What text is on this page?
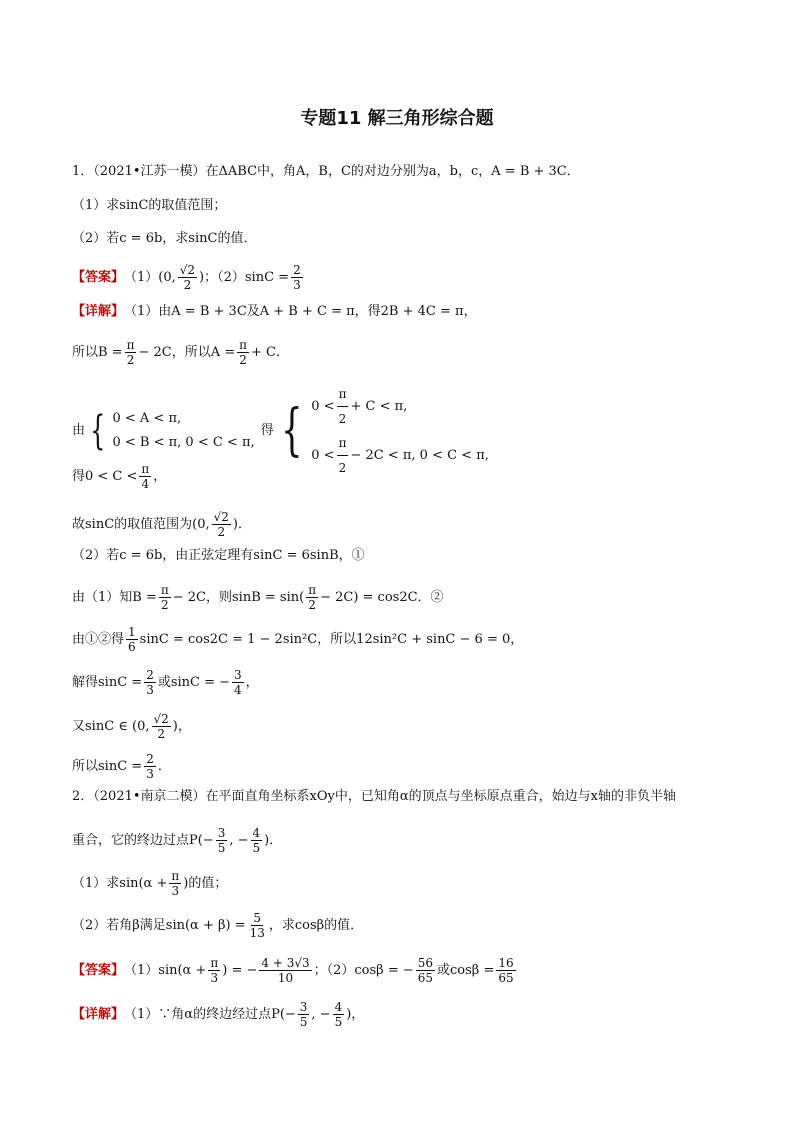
专题11 解三角形综合题
1．（2021•江苏一模）在ΔABC中，角A，B，C的对边分别为a，b，c，A = B + 3C．
（1）求sinC的取值范围；
（2）若c = 6b，求sinC的值．
【答案】 （1）(0, $\frac{√2}{2}$ )；$(2)\sin C = \frac{2}{3}$
【详解】 （1）由A = B + 3C及A + B + C = π，得2B + 4C = π，
所以$B = \frac{\pi}{2} - 2C$，所以$A = \frac{\pi}{2} + C$．
由 { 0 < A < π,
0 < B < π, 0 < C < π,
得 { $0 < \frac{\pi}{2} + C < \pi$,
$0 < \frac{\pi}{2} - 2C < \pi$, 0 < C < π,
得$0 < C < \frac{\pi}{4}$ ，
故sinC的取值范围为(0, $\frac{√2}{2}$ )．
（2）若c = 6b，由正弦定理有sinC = 6sinB，①
由（1）知$B = \frac{\pi}{2} - 2C$，则$\sin B = \sin( \frac{\pi}{2} - 2C) = \cos 2C$．②
由①②得 $\frac{1}{6}$ sinC = cos2C = 1 − 2sin²C，所以12sin²C + sinC − 6 = 0，
解得$\sin C = \frac{2}{3}$ 或sinC = − $\frac{3}{4}$ ，
又sinC ∈ (0, $\frac{√2}{2}$ )，
所以$\sin C = \frac{2}{3}$ ．
2．（2021•南京二模）在平面直角坐标系xOy中，已知角α的顶点与坐标原点重合，始边与x轴的非负半轴
重合，它的终边过点$P(- \frac{3}{5}$ , − $\frac{4}{5}$ )．
（1）求$\sin(\alpha + \frac{\pi}{3}$ )的值；
（2）若角β满足$\sin(\alpha + \beta) = \frac{5}{13}$ ，求cosβ的值．
【答案】 $(1)\sin(\alpha + \frac{\pi}{3}$ ) = − $\frac{4 + 3√3}{10}$ ；（2）cosβ = − $\frac{56}{65}$ 或$\cos\beta = \frac{16}{65}$
【详解】 （1）∵角α的终边经过点$P(- \frac{3}{5}$ , − $\frac{4}{5}$ )，
